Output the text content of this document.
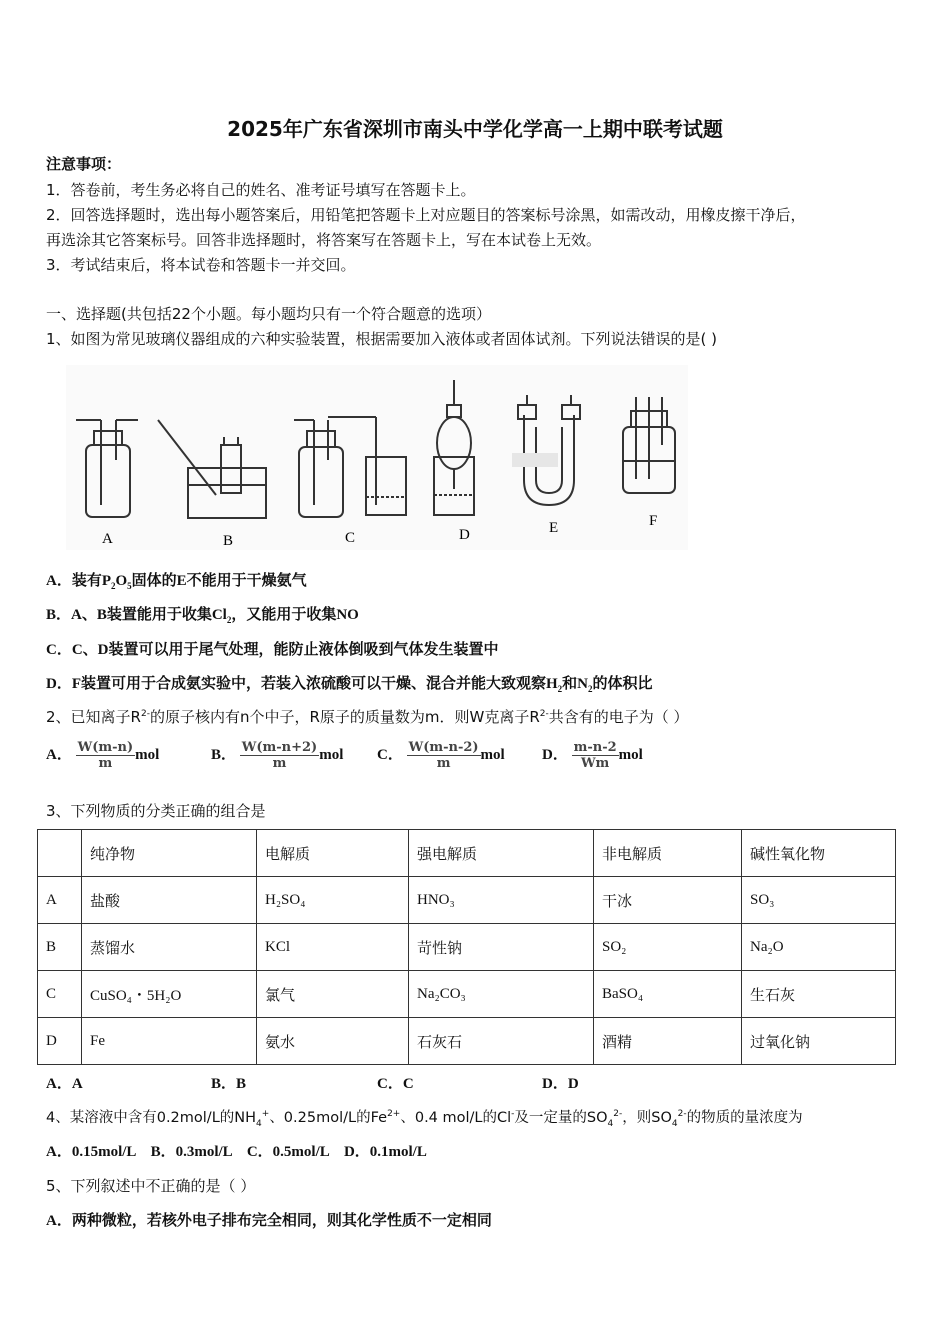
2025年广东省深圳市南头中学化学高一上期中联考试题
注意事项：
1．答卷前，考生务必将自己的姓名、准考证号填写在答题卡上。
2．回答选择题时，选出每小题答案后，用铅笔把答题卡上对应题目的答案标号涂黑，如需改动，用橡皮擦干净后，
再选涂其它答案标号。回答非选择题时，将答案写在答题卡上，写在本试卷上无效。
3．考试结束后，将本试卷和答题卡一并交回。
一、选择题(共包括22个小题。每小题均只有一个符合题意的选项）
1、如图为常见玻璃仪器组成的六种实验装置，根据需要加入液体或者固体试剂。下列说法错误的是( )
A	B	C	D	E	F
A．装有$P_2O_5$固体的E不能用于干燥氨气
B．A、B装置能用于收集$Cl_2$，又能用于收集NO
C．C、D装置可以用于尾气处理，能防止液体倒吸到气体发生装置中
D．F装置可用于合成氨实验中，若装入浓硫酸可以干燥、混合并能大致观察$H_2$和$N_2$的体积比
2、已知离子$R^{2-}$的原子核内有n个中子，R原子的质量数为m．则W克离子$R^{2-}$共含有的电子为（ ）
A． $\frac{W(m-n)}{m}$ mol	B． $\frac{W(m-n+2)}{m}$ mol C． $\frac{W(m-n-2)}{m}$ mol D． $\frac{m-n-2}{Wm}$ mol
3、下列物质的分类正确的组合是
	纯净物	电解质	强电解质	非电解质	碱性氧化物
A	盐酸	H₂SO₄	HNO₃	干冰	SO₃
B	蒸馏水	KCl	苛性钠	SO₂	Na₂O
C	CuSO₄・5H₂O	氯气	Na₂CO₃	BaSO₄	生石灰
D	Fe	氨水	石灰石	酒精	过氧化钠
A．A	B．B	C．C	D．D
4、某溶液中含有0.2mol/L的$NH_4^+$、0.25mol/L的$Fe^{2+}$、0.4 mol/L的Cl-及一定量的$SO_4^{2-}$，则$SO_4^{2-}$的物质的量浓度为
A．0.15mol/L    B．0.3mol/L    C．0.5mol/L    D．0.1mol/L
5、下列叙述中不正确的是（ ）
A．两种微粒，若核外电子排布完全相同，则其化学性质不一定相同
